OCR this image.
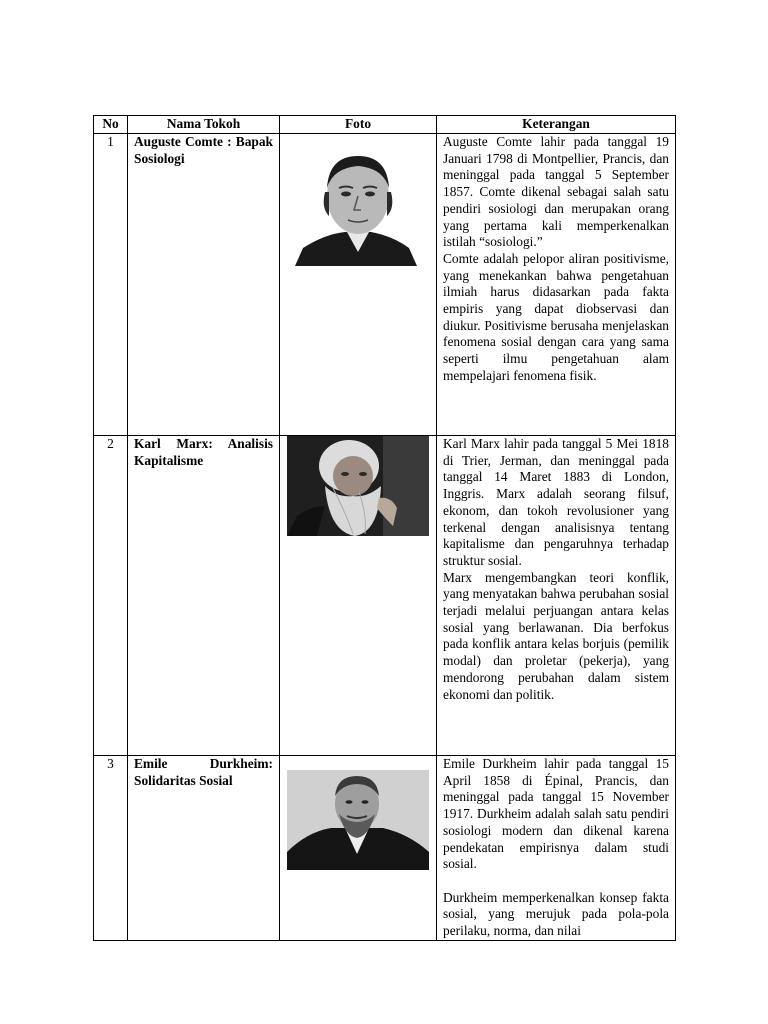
No	Nama Tokoh	Foto	Keterangan
1	Auguste Comte : Bapak Sosiologi		Auguste Comte lahir pada tanggal 19 Januari 1798 di Montpellier, Prancis, dan meninggal pada tanggal 5 September 1857. Comte dikenal sebagai salah satu pendiri sosiologi dan merupakan orang yang pertama kali memperkenalkan istilah “sosiologi.”

Comte adalah pelopor aliran positivisme, yang menekankan bahwa pengetahuan ilmiah harus didasarkan pada fakta empiris yang dapat diobservasi dan diukur. Positivisme berusaha menjelaskan fenomena sosial dengan cara yang sama seperti ilmu pengetahuan alam mempelajari fenomena fisik.

2	Karl Marx: Analisis Kapitalisme		Karl Marx lahir pada tanggal 5 Mei 1818 di Trier, Jerman, dan meninggal pada tanggal 14 Maret 1883 di London, Inggris. Marx adalah seorang filsuf, ekonom, dan tokoh revolusioner yang terkenal dengan analisisnya tentang kapitalisme dan pengaruhnya terhadap struktur sosial.

Marx mengembangkan teori konflik, yang menyatakan bahwa perubahan sosial terjadi melalui perjuangan antara kelas sosial yang berlawanan. Dia berfokus pada konflik antara kelas borjuis (pemilik modal) dan proletar (pekerja), yang mendorong perubahan dalam sistem ekonomi dan politik.

3	Emile Durkheim: Solidaritas Sosial		Emile Durkheim lahir pada tanggal 15 April 1858 di Épinal, Prancis, dan meninggal pada tanggal 15 November 1917. Durkheim adalah salah satu pendiri sosiologi modern dan dikenal karena pendekatan empirisnya dalam studi sosial.

Durkheim memperkenalkan konsep fakta sosial, yang merujuk pada pola-pola perilaku, norma, dan nilai
